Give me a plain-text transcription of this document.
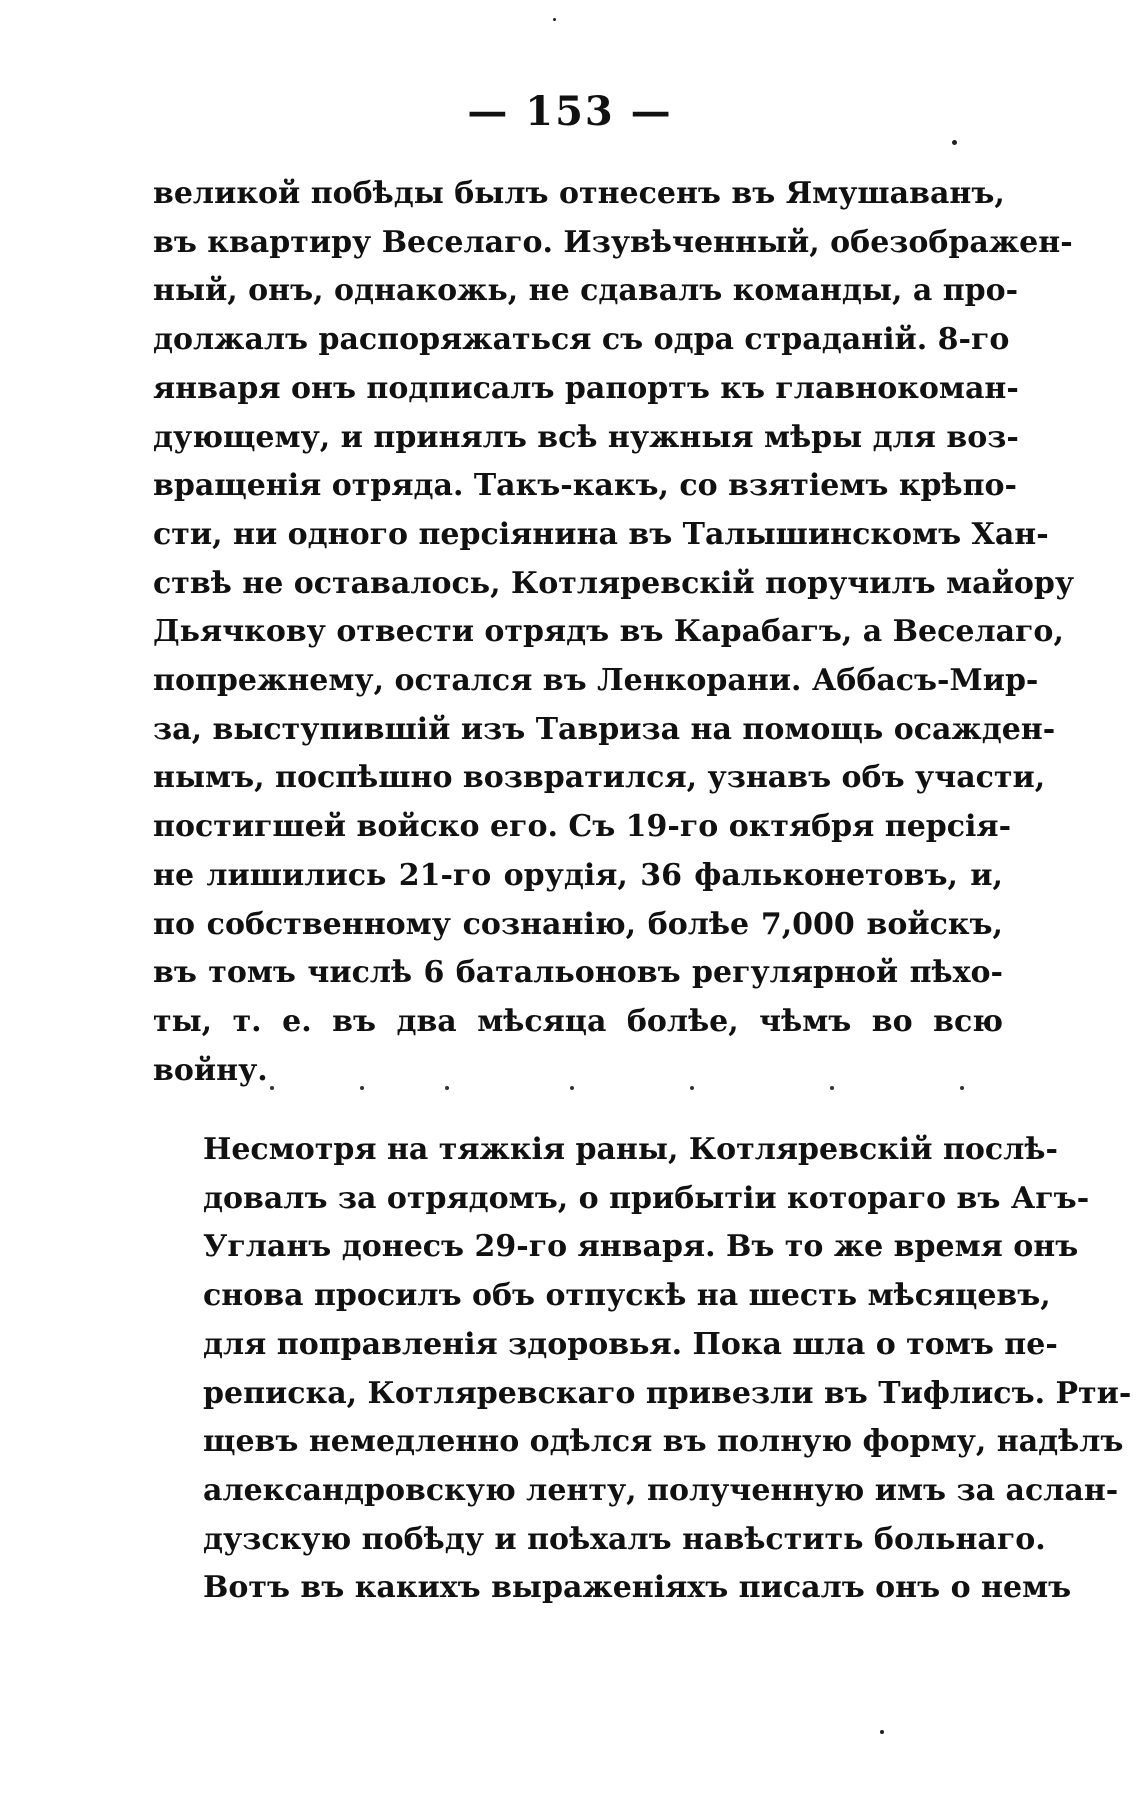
— 153 —
великой побѣды былъ отнесенъ въ Ямушаванъ,
въ квартиру Веселаго. Изувѣченный, обезображен-
ный, онъ, однакожь, не сдавалъ команды, а про-
должалъ распоряжаться съ одра страданій. 8-го
января онъ подписалъ рапортъ къ главнокоман-
дующему, и принялъ всѣ нужныя мѣры для воз-
вращенія отряда. Такъ-какъ, со взятіемъ крѣпо-
сти, ни одного персіянина въ Талышинскомъ Хан-
ствѣ не оставалось, Котляревскій поручилъ майору
Дьячкову отвести отрядъ въ Карабагъ, а Веселаго,
попрежнему, остался въ Ленкорани. Аббасъ-Мир-
за, выступившій изъ Тавриза на помощь осажден-
нымъ, поспѣшно возвратился, узнавъ объ участи,
постигшей войско его. Съ 19-го октября персія-
не лишились 21-го орудія, 36 фальконетовъ, и,
по собственному сознанію, болѣе 7,000 войскъ,
въ томъ числѣ 6 батальоновъ регулярной пѣхо-
ты, т. е. въ два мѣсяца болѣе, чѣмъ во всю
войну.
Несмотря на тяжкія раны, Котляревскій послѣ-
довалъ за отрядомъ, о прибытіи котораго въ Агъ-
Угланъ донесъ 29-го января. Въ то же время онъ
снова просилъ объ отпускѣ на шесть мѣсяцевъ,
для поправленія здоровья. Пока шла о томъ пе-
реписка, Котляревскаго привезли въ Тифлисъ. Рти-
щевъ немедленно одѣлся въ полную форму, надѣлъ
александровскую ленту, полученную имъ за аслан-
дузскую побѣду и поѣхалъ навѣстить больнаго.
Вотъ въ какихъ выраженіяхъ писалъ онъ о немъ
